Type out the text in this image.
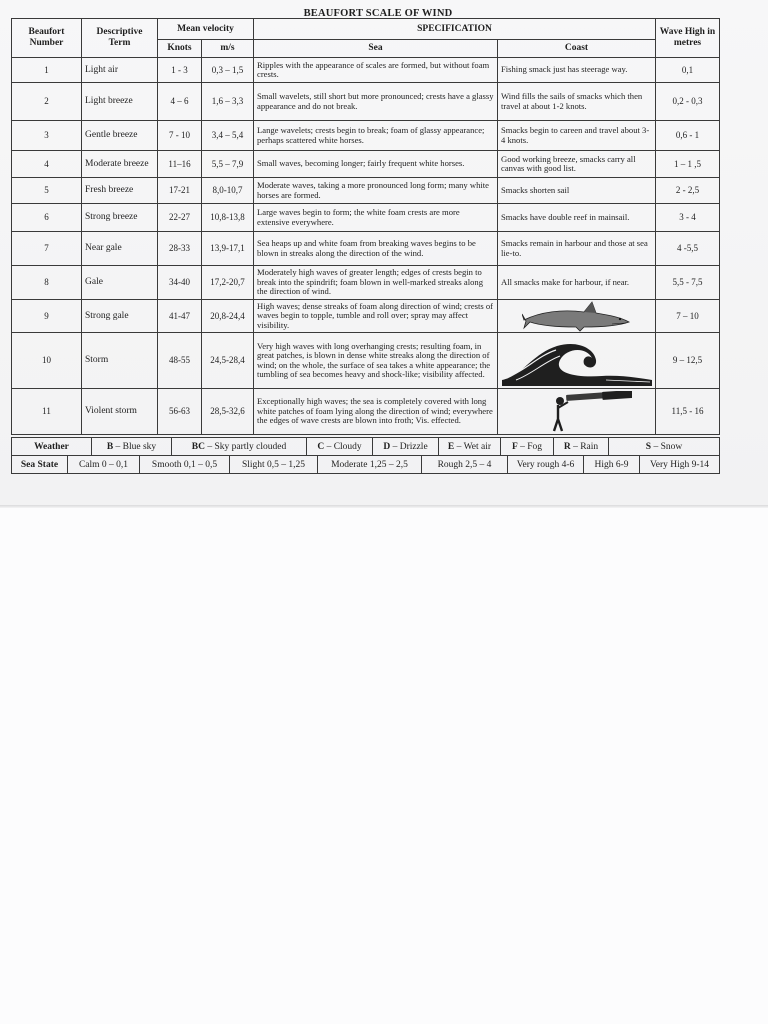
BEAUFORT SCALE OF WIND
Beaufort Number	Descriptive Term	Mean velocity		SPECIFICATION		Wave High in metres
		Knots	m/s	Sea	Coast	
1	Light air	1 - 3	0,3 – 1,5	Ripples with the appearance of scales are formed, but without foam crests.	Fishing smack just has steerage way.	0,1
2	Light breeze	4 – 6	1,6 – 3,3	Small wavelets, still short but more pronounced; crests have a glassy appearance and do not break.	Wind fills the sails of smacks which then travel at about 1-2 knots.	0,2 - 0,3
3	Gentle breeze	7 - 10	3,4 – 5,4	Lange wavelets; crests begin to break; foam of glassy appearance; perhaps scattered white horses.	Smacks begin to careen and travel about 3-4 knots.	0,6 - 1
4	Moderate breeze	11–16	5,5 – 7,9	Small waves, becoming longer; fairly frequent white horses.	Good working breeze, smacks carry all canvas with good list.	1 – 1 ,5
5	Fresh breeze	17-21	8,0-10,7	Moderate waves, taking a more pronounced long form; many white horses are formed.	Smacks shorten sail	2 - 2,5
6	Strong breeze	22-27	10,8-13,8	Large waves begin to form; the white foam crests are more extensive everywhere.	Smacks have double reef in mainsail.	3 - 4
7	Near gale	28-33	13,9-17,1	Sea heaps up and white foam from breaking waves begins to be blown in streaks along the direction of the wind.	Smacks remain in harbour and those at sea lie-to.	4 -5,5
8	Gale	34-40	17,2-20,7	Moderately high waves of greater length; edges of crests begin to break into the spindrift; foam blown in well-marked streaks along the direction of wind.	All smacks make for harbour, if near.	5,5 - 7,5
9	Strong gale	41-47	20,8-24,4	High waves; dense streaks of foam along direction of wind; crests of waves begin to topple, tumble and roll over; spray may affect visibility.		7 – 10
10	Storm	48-55	24,5-28,4	Very high waves with long overhanging crests; resulting foam, in great patches, is blown in dense white streaks along the direction of wind; on the whole, the surface of sea takes a white appearance; the tumbling of sea becomes heavy and shock-like; visibility affected.		9 – 12,5
11	Violent storm	56-63	28,5-32,6	Exceptionally high waves; the sea is completely covered with long white patches of foam lying along the direction of wind; everywhere the edges of wave crests are blown into froth; Vis. effected.		11,5 - 16
Weather	B – Blue sky	BC – Sky partly clouded	C – Cloudy	D – Drizzle	E – Wet air	F – Fog	R – Rain	S – Snow
Sea State	Calm 0 – 0,1	Smooth 0,1 – 0,5	Slight 0,5 – 1,25	Moderate 1,25 – 2,5	Rough 2,5 – 4	Very rough 4-6	High 6-9	Very High 9-14
